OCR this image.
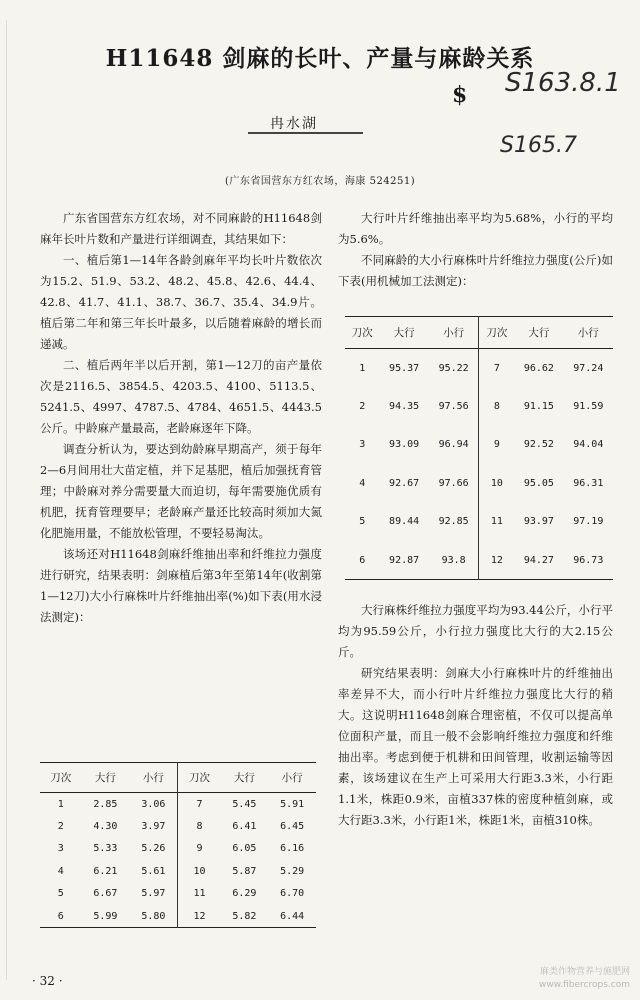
H11648 剑麻的长叶、产量与麻龄关系
$ S163.8.1
S165.7
冉水湖
(广东省国营东方红农场，海康 524251)

广东省国营东方红农场，对不同麻龄的H11648剑麻年长叶片数和产量进行详细调查，其结果如下：

一、植后第1—14年各龄剑麻年平均长叶片数依次为15.2、51.9、53.2、48.2、45.8、42.6、44.4、42.8、41.7、41.1、38.7、36.7、35.4、34.9片。植后第二年和第三年长叶最多，以后随着麻龄的增长而递减。

二、植后两年半以后开割，第1—12刀的亩产量依次是2116.5、3854.5、4203.5、4100、5113.5、5241.5、4997、4787.5、4784、4651.5、4443.5公斤。中龄麻产量最高，老龄麻逐年下降。

调查分析认为，要达到幼龄麻早期高产，须于每年2—6月间用壮大苗定植，并下足基肥，植后加强抚育管理；中龄麻对养分需要量大而迫切，每年需要施优质有机肥，抚育管理要早；老龄麻产量还比较高时须加大氮化肥施用量，不能放松管理，不要轻易淘汰。

该场还对H11648剑麻纤维抽出率和纤维拉力强度进行研究，结果表明：剑麻植后第3年至第14年(收割第1—12刀)大小行麻株叶片纤维抽出率(%)如下表(用水浸法测定)：

刀次	大行	小行	刀次	大行	小行
1	2.85	3.06	7	5.45	5.91
2	4.30	3.97	8	6.41	6.45
3	5.33	5.26	9	6.05	6.16
4	6.21	5.61	10	5.87	5.29
5	6.67	5.97	11	6.29	6.70
6	5.99	5.80	12	5.82	6.44

大行叶片纤维抽出率平均为5.68%，小行的平均为5.6%。

不同麻龄的大小行麻株叶片纤维拉力强度(公斤)如下表(用机械加工法测定)：

刀次	大行	小行	刀次	大行	小行
1	95.37	95.22	7	96.62	97.24
2	94.35	97.56	8	91.15	91.59
3	93.09	96.94	9	92.52	94.04
4	92.67	97.66	10	95.05	96.31
5	89.44	92.85	11	93.97	97.19
6	92.87	93.8	12	94.27	96.73

大行麻株纤维拉力强度平均为93.44公斤，小行平均为95.59公斤，小行拉力强度比大行的大2.15公斤。

研究结果表明：剑麻大小行麻株叶片的纤维抽出率差异不大，而小行叶片纤维拉力强度比大行的稍大。这说明H11648剑麻合理密植，不仅可以提高单位面积产量，而且一般不会影响纤维拉力强度和纤维抽出率。考虑到便于机耕和田间管理，收割运输等因素，该场建议在生产上可采用大行距3.3米，小行距1.1米，株距0.9米，亩植337株的密度种植剑麻，或大行距3.3米，小行距1米，株距1米，亩植310株。

· 32 ·
麻类作物营养与施肥网
www.fibercrops.com
